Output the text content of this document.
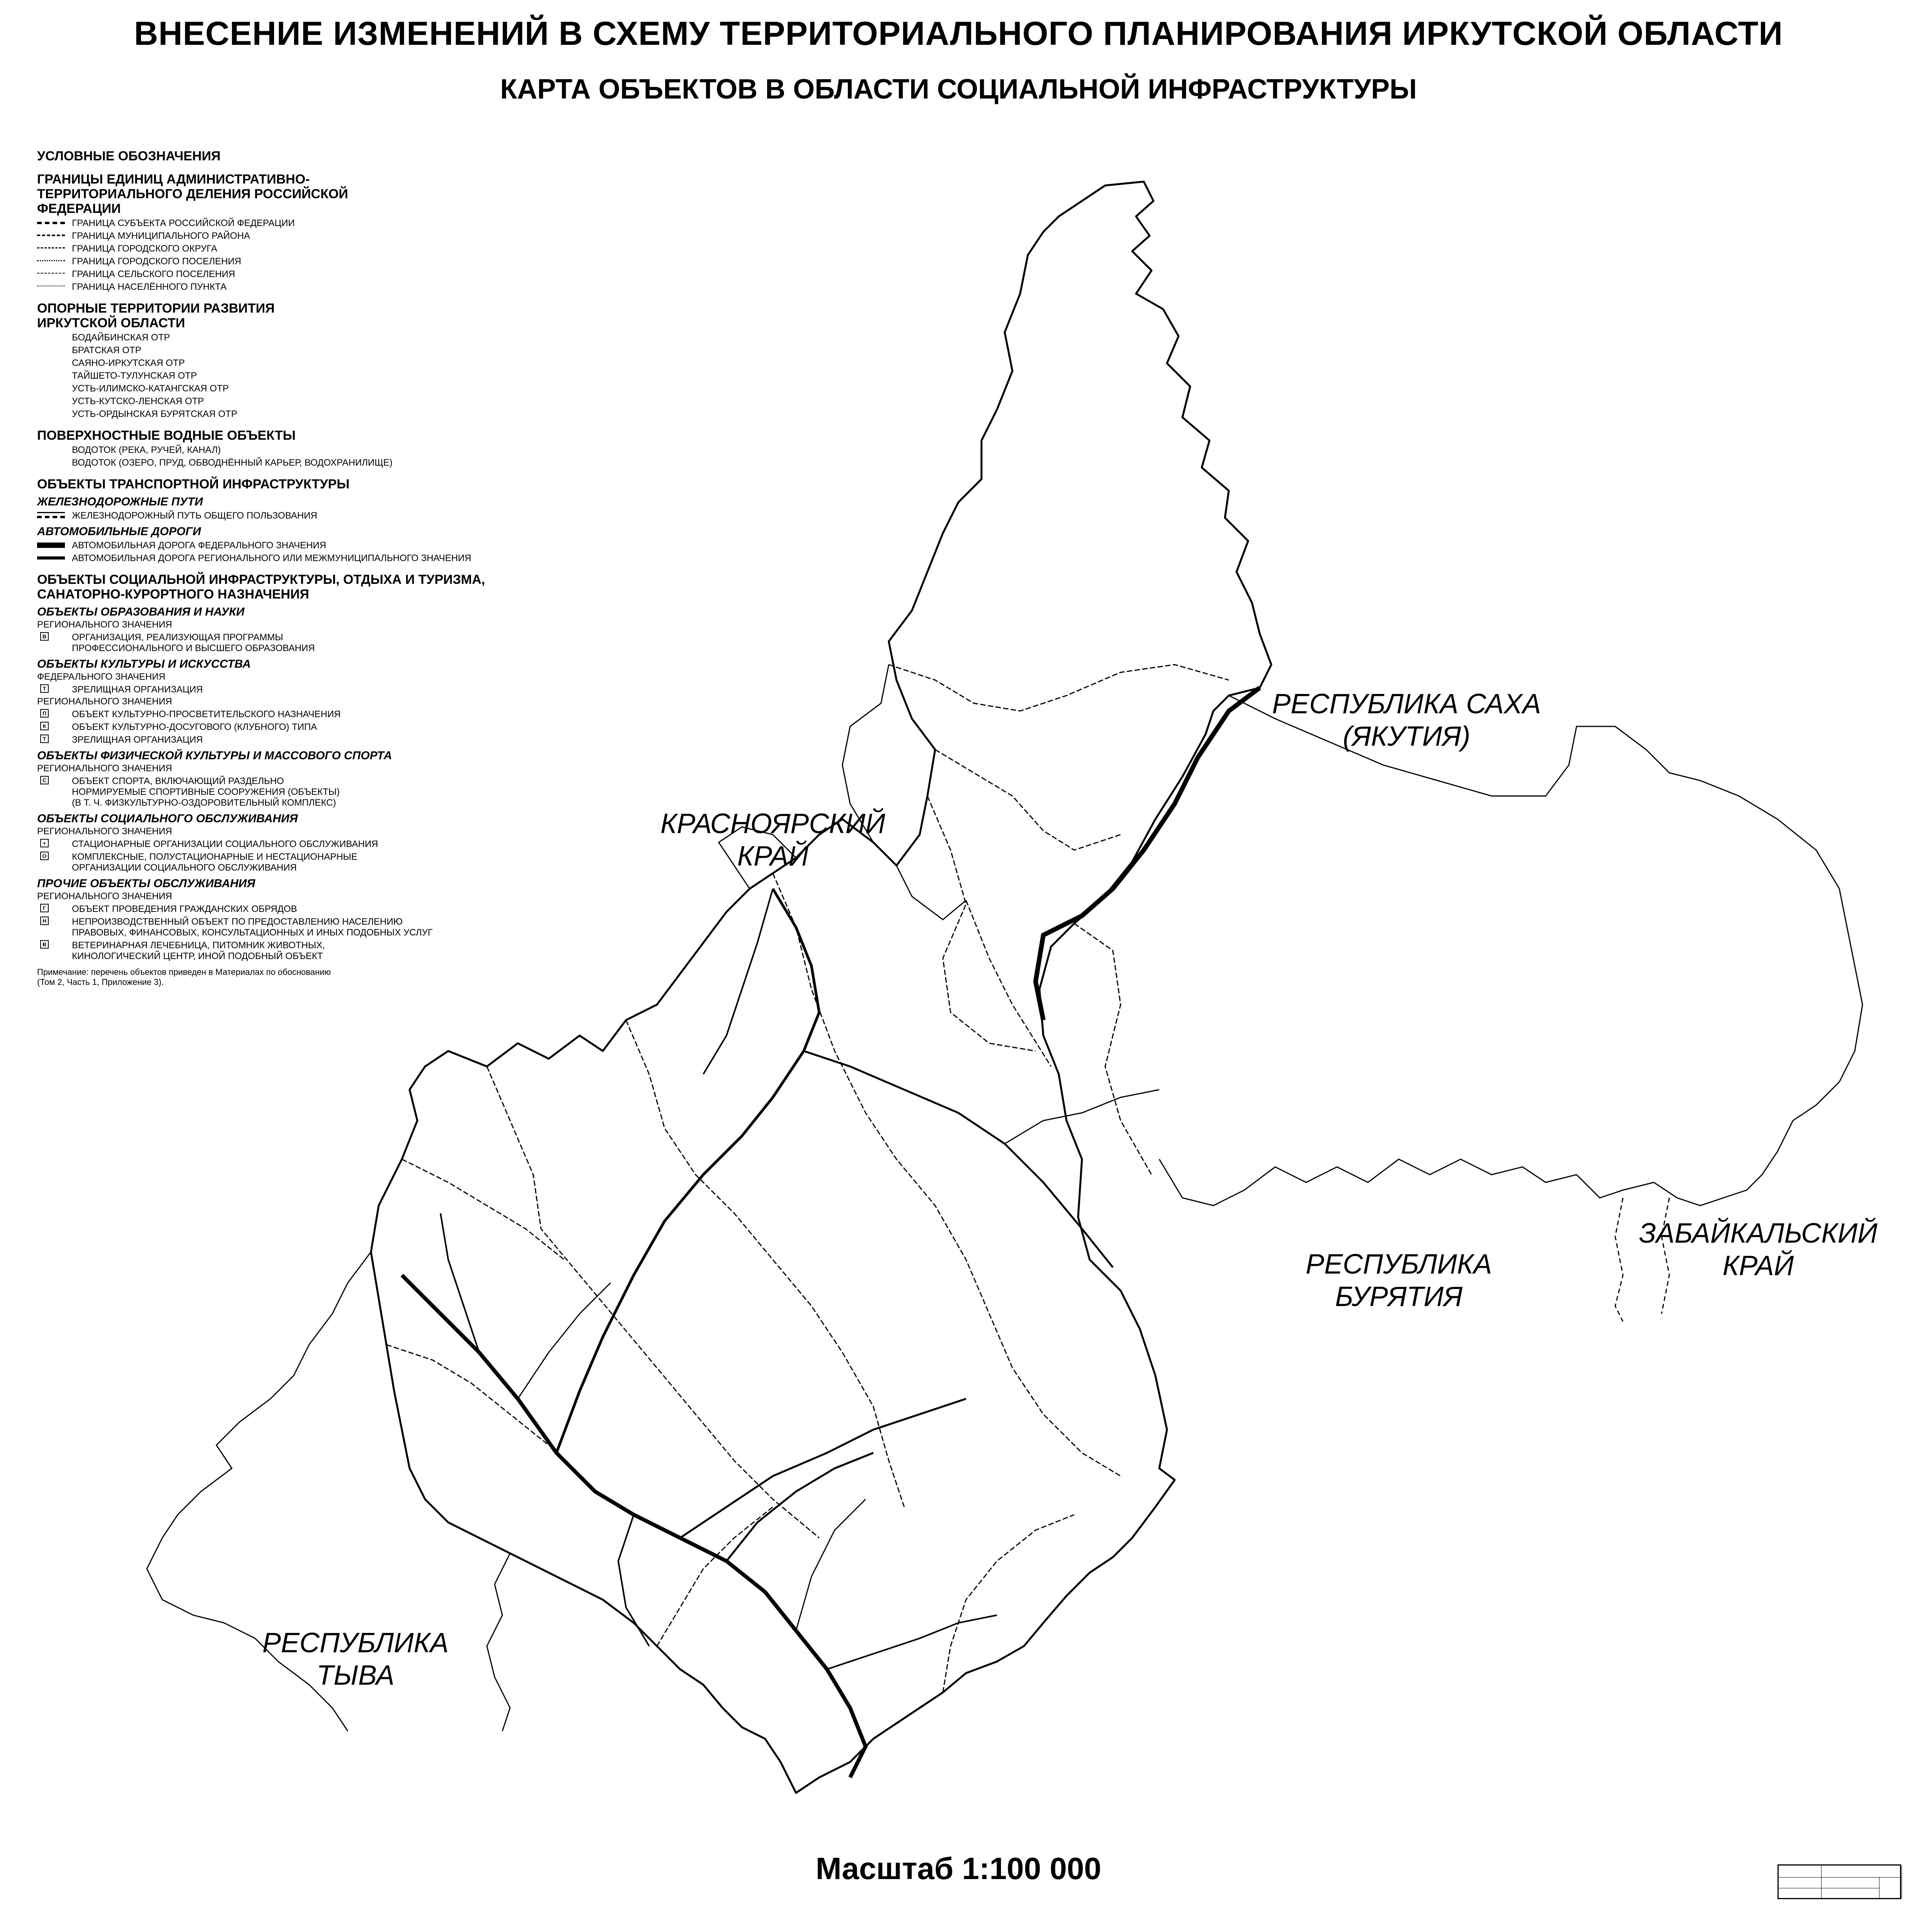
ВНЕСЕНИЕ ИЗМЕНЕНИЙ В СХЕМУ ТЕРРИТОРИАЛЬНОГО ПЛАНИРОВАНИЯ ИРКУТСКОЙ ОБЛАСТИ
КАРТА ОБЪЕКТОВ В ОБЛАСТИ СОЦИАЛЬНОЙ ИНФРАСТРУКТУРЫ
КРАСНОЯРСКИЙ
КРАЙ
РЕСПУБЛИКА САХА
(ЯКУТИЯ)
РЕСПУБЛИКА
БУРЯТИЯ
ЗАБАЙКАЛЬСКИЙ
КРАЙ
РЕСПУБЛИКА
ТЫВА
УСЛОВНЫЕ ОБОЗНАЧЕНИЯ
ГРАНИЦЫ ЕДИНИЦ АДМИНИСТРАТИВНО-ТЕРРИТОРИАЛЬНОГО ДЕЛЕНИЯ РОССИЙСКОЙ ФЕДЕРАЦИИ
ГРАНИЦА СУБЪЕКТА РОССИЙСКОЙ ФЕДЕРАЦИИ
ГРАНИЦА МУНИЦИПАЛЬНОГО РАЙОНА
ГРАНИЦА ГОРОДСКОГО ОКРУГА
ГРАНИЦА ГОРОДСКОГО ПОСЕЛЕНИЯ
ГРАНИЦА СЕЛЬСКОГО ПОСЕЛЕНИЯ
ГРАНИЦА НАСЕЛЁННОГО ПУНКТА
ОПОРНЫЕ ТЕРРИТОРИИ РАЗВИТИЯ ИРКУТСКОЙ ОБЛАСТИ
БОДАЙБИНСКАЯ ОТР
БРАТСКАЯ ОТР
САЯНО-ИРКУТСКАЯ ОТР
ТАЙШЕТО-ТУЛУНСКАЯ ОТР
УСТЬ-ИЛИМСКО-КАТАНГСКАЯ ОТР
УСТЬ-КУТСКО-ЛЕНСКАЯ ОТР
УСТЬ-ОРДЫНСКАЯ БУРЯТСКАЯ ОТР
ПОВЕРХНОСТНЫЕ ВОДНЫЕ ОБЪЕКТЫ
ВОДОТОК (РЕКА, РУЧЕЙ, КАНАЛ)
ВОДОТОК (ОЗЕРО, ПРУД, ОБВОДНЁННЫЙ КАРЬЕР, ВОДОХРАНИЛИЩЕ)
ОБЪЕКТЫ ТРАНСПОРТНОЙ ИНФРАСТРУКТУРЫ
ЖЕЛЕЗНОДОРОЖНЫЕ ПУТИ
ЖЕЛЕЗНОДОРОЖНЫЙ ПУТЬ ОБЩЕГО ПОЛЬЗОВАНИЯ
АВТОМОБИЛЬНЫЕ ДОРОГИ
АВТОМОБИЛЬНАЯ ДОРОГА ФЕДЕРАЛЬНОГО ЗНАЧЕНИЯ
АВТОМОБИЛЬНАЯ ДОРОГА РЕГИОНАЛЬНОГО ИЛИ МЕЖМУНИЦИПАЛЬНОГО ЗНАЧЕНИЯ
ОБЪЕКТЫ СОЦИАЛЬНОЙ ИНФРАСТРУКТУРЫ, ОТДЫХА И ТУРИЗМА, САНАТОРНО-КУРОРТНОГО НАЗНАЧЕНИЯ
ОБЪЕКТЫ ОБРАЗОВАНИЯ И НАУКИ
РЕГИОНАЛЬНОГО ЗНАЧЕНИЯ
В	ОРГАНИЗАЦИЯ, РЕАЛИЗУЮЩАЯ ПРОГРАММЫ
ПРОФЕССИОНАЛЬНОГО И ВЫСШЕГО ОБРАЗОВАНИЯ
ОБЪЕКТЫ КУЛЬТУРЫ И ИСКУССТВА
ФЕДЕРАЛЬНОГО ЗНАЧЕНИЯ
Т	ЗРЕЛИЩНАЯ ОРГАНИЗАЦИЯ
РЕГИОНАЛЬНОГО ЗНАЧЕНИЯ
П	ОБЪЕКТ КУЛЬТУРНО-ПРОСВЕТИТЕЛЬСКОГО НАЗНАЧЕНИЯ
К	ОБЪЕКТ КУЛЬТУРНО-ДОСУГОВОГО (КЛУБНОГО) ТИПА
Т	ЗРЕЛИЩНАЯ ОРГАНИЗАЦИЯ
ОБЪЕКТЫ ФИЗИЧЕСКОЙ КУЛЬТУРЫ И МАССОВОГО СПОРТА
РЕГИОНАЛЬНОГО ЗНАЧЕНИЯ
С	ОБЪЕКТ СПОРТА, ВКЛЮЧАЮЩИЙ РАЗДЕЛЬНО
НОРМИРУЕМЫЕ СПОРТИВНЫЕ СООРУЖЕНИЯ (ОБЪЕКТЫ)
(В Т. Ч. ФИЗКУЛЬТУРНО-ОЗДОРОВИТЕЛЬНЫЙ КОМПЛЕКС)
ОБЪЕКТЫ СОЦИАЛЬНОГО ОБСЛУЖИВАНИЯ
РЕГИОНАЛЬНОГО ЗНАЧЕНИЯ
+	СТАЦИОНАРНЫЕ ОРГАНИЗАЦИИ СОЦИАЛЬНОГО ОБСЛУЖИВАНИЯ
О	КОМПЛЕКСНЫЕ, ПОЛУСТАЦИОНАРНЫЕ И НЕСТАЦИОНАРНЫЕ
ОРГАНИЗАЦИИ СОЦИАЛЬНОГО ОБСЛУЖИВАНИЯ
ПРОЧИЕ ОБЪЕКТЫ ОБСЛУЖИВАНИЯ
РЕГИОНАЛЬНОГО ЗНАЧЕНИЯ
Г	ОБЪЕКТ ПРОВЕДЕНИЯ ГРАЖДАНСКИХ ОБРЯДОВ
Н	НЕПРОИЗВОДСТВЕННЫЙ ОБЪЕКТ ПО ПРЕДОСТАВЛЕНИЮ НАСЕЛЕНИЮ
ПРАВОВЫХ, ФИНАНСОВЫХ, КОНСУЛЬТАЦИОННЫХ И ИНЫХ ПОДОБНЫХ УСЛУГ
В	ВЕТЕРИНАРНАЯ ЛЕЧЕБНИЦА, ПИТОМНИК ЖИВОТНЫХ,
КИНОЛОГИЧЕСКИЙ ЦЕНТР, ИНОЙ ПОДОБНЫЙ ОБЪЕКТ
Примечание: перечень объектов приведен в Материалах по обоснованию
(Том 2, Часть 1, Приложение 3).
Масштаб 1:100 000
